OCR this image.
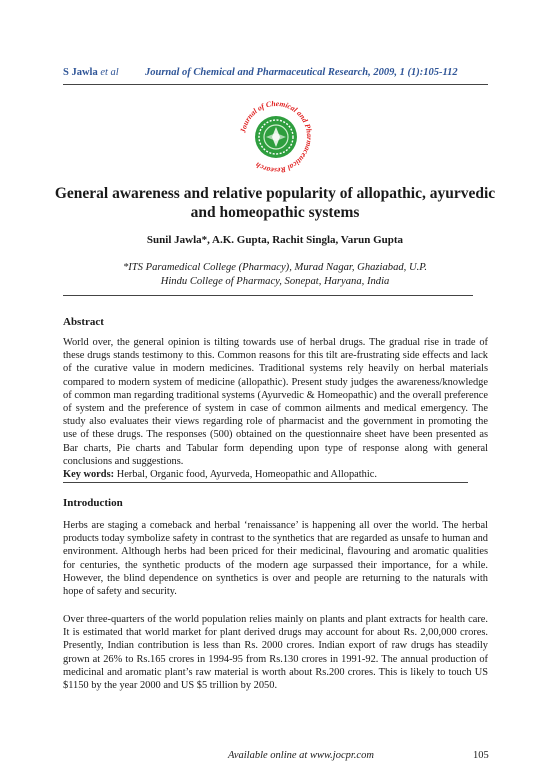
S Jawla et al	Journal of Chemical and Pharmaceutical Research, 2009, 1 (1):105-112
Journal of Chemical and Pharmaceutical Research
General awareness and relative popularity of allopathic, ayurvedic
and homeopathic systems
Sunil Jawla*, A.K. Gupta, Rachit Singla, Varun Gupta
*ITS Paramedical College (Pharmacy), Murad Nagar, Ghaziabad, U.P.
Hindu College of Pharmacy, Sonepat, Haryana, India
Abstract
World over, the general opinion is tilting towards use of herbal drugs. The gradual rise in trade of these drugs stands testimony to this. Common reasons for this tilt are-frustrating side effects and lack of the curative value in modern medicines. Traditional systems rely heavily on herbal materials compared to modern system of medicine (allopathic). Present study judges the awareness/knowledge of common man regarding traditional systems (Ayurvedic & Homeopathic) and the overall preference of system and the preference of system in case of common ailments and medical emergency. The study also evaluates their views regarding role of pharmacist and the government in promoting the use of these drugs. The responses (500) obtained on the questionnaire sheet have been presented as Bar charts, Pie charts and Tabular form depending upon type of response along with general conclusions and suggestions.
Key words: Herbal, Organic food, Ayurveda, Homeopathic and Allopathic.
Introduction
Herbs are staging a comeback and herbal ‘renaissance’ is happening all over the world. The herbal products today symbolize safety in contrast to the synthetics that are regarded as unsafe to human and environment. Although herbs had been priced for their medicinal, flavouring and aromatic qualities for centuries, the synthetic products of the modern age surpassed their importance, for a while. However, the blind dependence on synthetics is over and people are returning to the naturals with hope of safety and security.
Over three-quarters of the world population relies mainly on plants and plant extracts for health care. It is estimated that world market for plant derived drugs may account for about Rs. 2,00,000 crores. Presently, Indian contribution is less than Rs. 2000 crores. Indian export of raw drugs has steadily grown at 26% to Rs.165 crores in 1994-95 from Rs.130 crores in 1991-92. The annual production of medicinal and aromatic plant’s raw material is worth about Rs.200 crores. This is likely to touch US $1150 by the year 2000 and US $5 trillion by 2050.
Available online at www.jocpr.com	105
